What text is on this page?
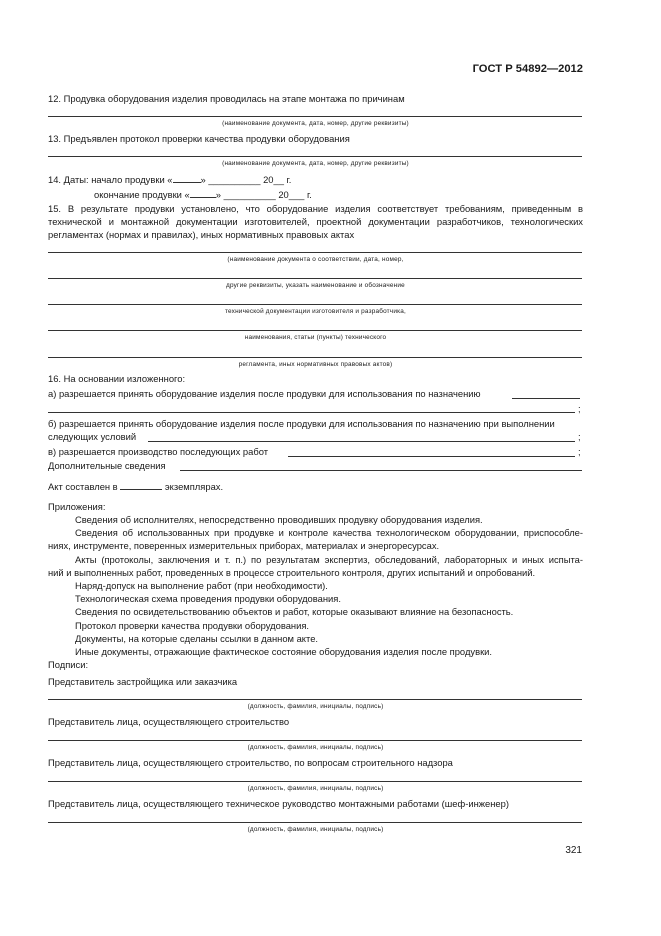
ГОСТ Р 54892—2012
12. Продувка оборудования изделия проводилась на этапе монтажа по причинам
(наименование документа, дата, номер, другие реквизиты)
13. Предъявлен протокол проверки качества продувки оборудования
(наименование документа, дата, номер, другие реквизиты)
14. Даты: начало продувки «	» __________ 20__ г.
окончание продувки «	» __________ 20___ г.
15. В результате продувки установлено, что оборудование изделия соответствует требованиям, приведенным в
технической и монтажной документации изготовителей, проектной документации разработчиков, технологических
регламентах (нормах и правилах), иных нормативных правовых актах
(наименование документа о соответствии, дата, номер,
другие реквизиты, указать наименование и обозначение
технической документации изготовителя и разработчика,
наименования, статьи (пункты) технического
регламента, иных нормативных правовых актов)
16. На основании изложенного:
а) разрешается принять оборудование изделия после продувки для использования по назначению
;
б) разрешается принять оборудование изделия после продувки для использования по назначению при выполнении
следующих условий	;
в) разрешается производство последующих работ	;
Дополнительные сведения
Акт составлен в	экземплярах.
Приложения:
Сведения об исполнителях, непосредственно проводивших продувку оборудования изделия.
Сведения об использованных при продувке и контроле качества технологическом оборудовании, приспособле-
ниях, инструменте, поверенных измерительных приборах, материалах и энергоресурсах.
Акты (протоколы, заключения и т. п.) по результатам экспертиз, обследований, лабораторных и иных испыта-
ний и выполненных работ, проведенных в процессе строительного контроля, других испытаний и опробований.
Наряд-допуск на выполнение работ (при необходимости).
Технологическая схема проведения продувки оборудования.
Сведения по освидетельствованию объектов и работ, которые оказывают влияние на безопасность.
Протокол проверки качества продувки оборудования.
Документы, на которые сделаны ссылки в данном акте.
Иные документы, отражающие фактическое состояние оборудования изделия после продувки.
Подписи:
Представитель застройщика или заказчика
(должность, фамилия, инициалы, подпись)
Представитель лица, осуществляющего строительство
(должность, фамилия, инициалы, подпись)
Представитель лица, осуществляющего строительство, по вопросам строительного надзора
(должность, фамилия, инициалы, подпись)
Представитель лица, осуществляющего техническое руководство монтажными работами (шеф-инженер)
(должность, фамилия, инициалы, подпись)
321
